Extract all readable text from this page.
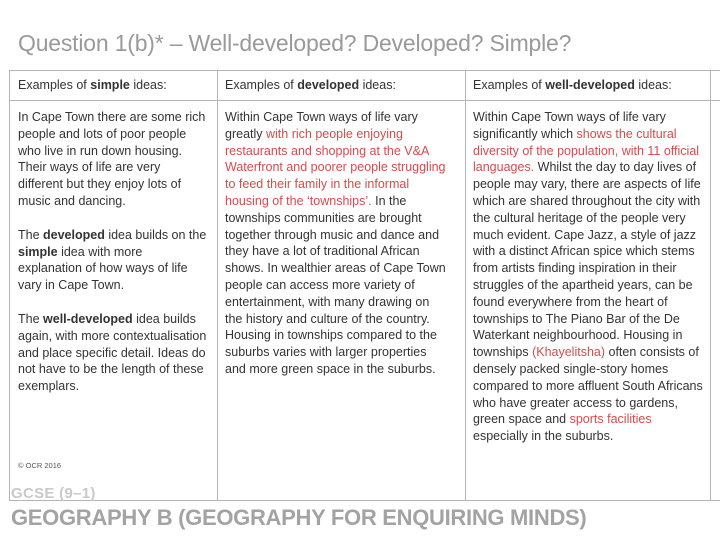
Question 1(b)* – Well-developed? Developed? Simple?
Examples of simple ideas:	Examples of developed ideas:	Examples of well-developed ideas:

In Cape Town there are some rich people and lots of poor people who live in run down housing. Their ways of life are very different but they enjoy lots of music and dancing.

The developed idea builds on the simple idea with more explanation of how ways of life vary in Cape Town.

The well-developed idea builds again, with more contextualisation and place specific detail. Ideas do not have to be the length of these exemplars.

Within Cape Town ways of life vary greatly with rich people enjoying restaurants and shopping at the V&A Waterfront and poorer people struggling to feed their family in the informal housing of the ‘townships’. In the townships communities are brought together through music and dance and they have a lot of traditional African shows. In wealthier areas of Cape Town people can access more variety of entertainment, with many drawing on the history and culture of the country. Housing in townships compared to the suburbs varies with larger properties and more green space in the suburbs.

Within Cape Town ways of life vary significantly which shows the cultural diversity of the population, with 11 official languages. Whilst the day to day lives of people may vary, there are aspects of life which are shared throughout the city with the cultural heritage of the people very much evident. Cape Jazz, a style of jazz with a distinct African spice which stems from artists finding inspiration in their struggles of the apartheid years, can be found everywhere from the heart of townships to The Piano Bar of the De Waterkant neighbourhood. Housing in townships (Khayelitsha) often consists of densely packed single-story homes compared to more affluent South Africans who have greater access to gardens, green space and sports facilities especially in the suburbs.

© OCR 2016
GCSE (9–1)
GEOGRAPHY B (GEOGRAPHY FOR ENQUIRING MINDS)
